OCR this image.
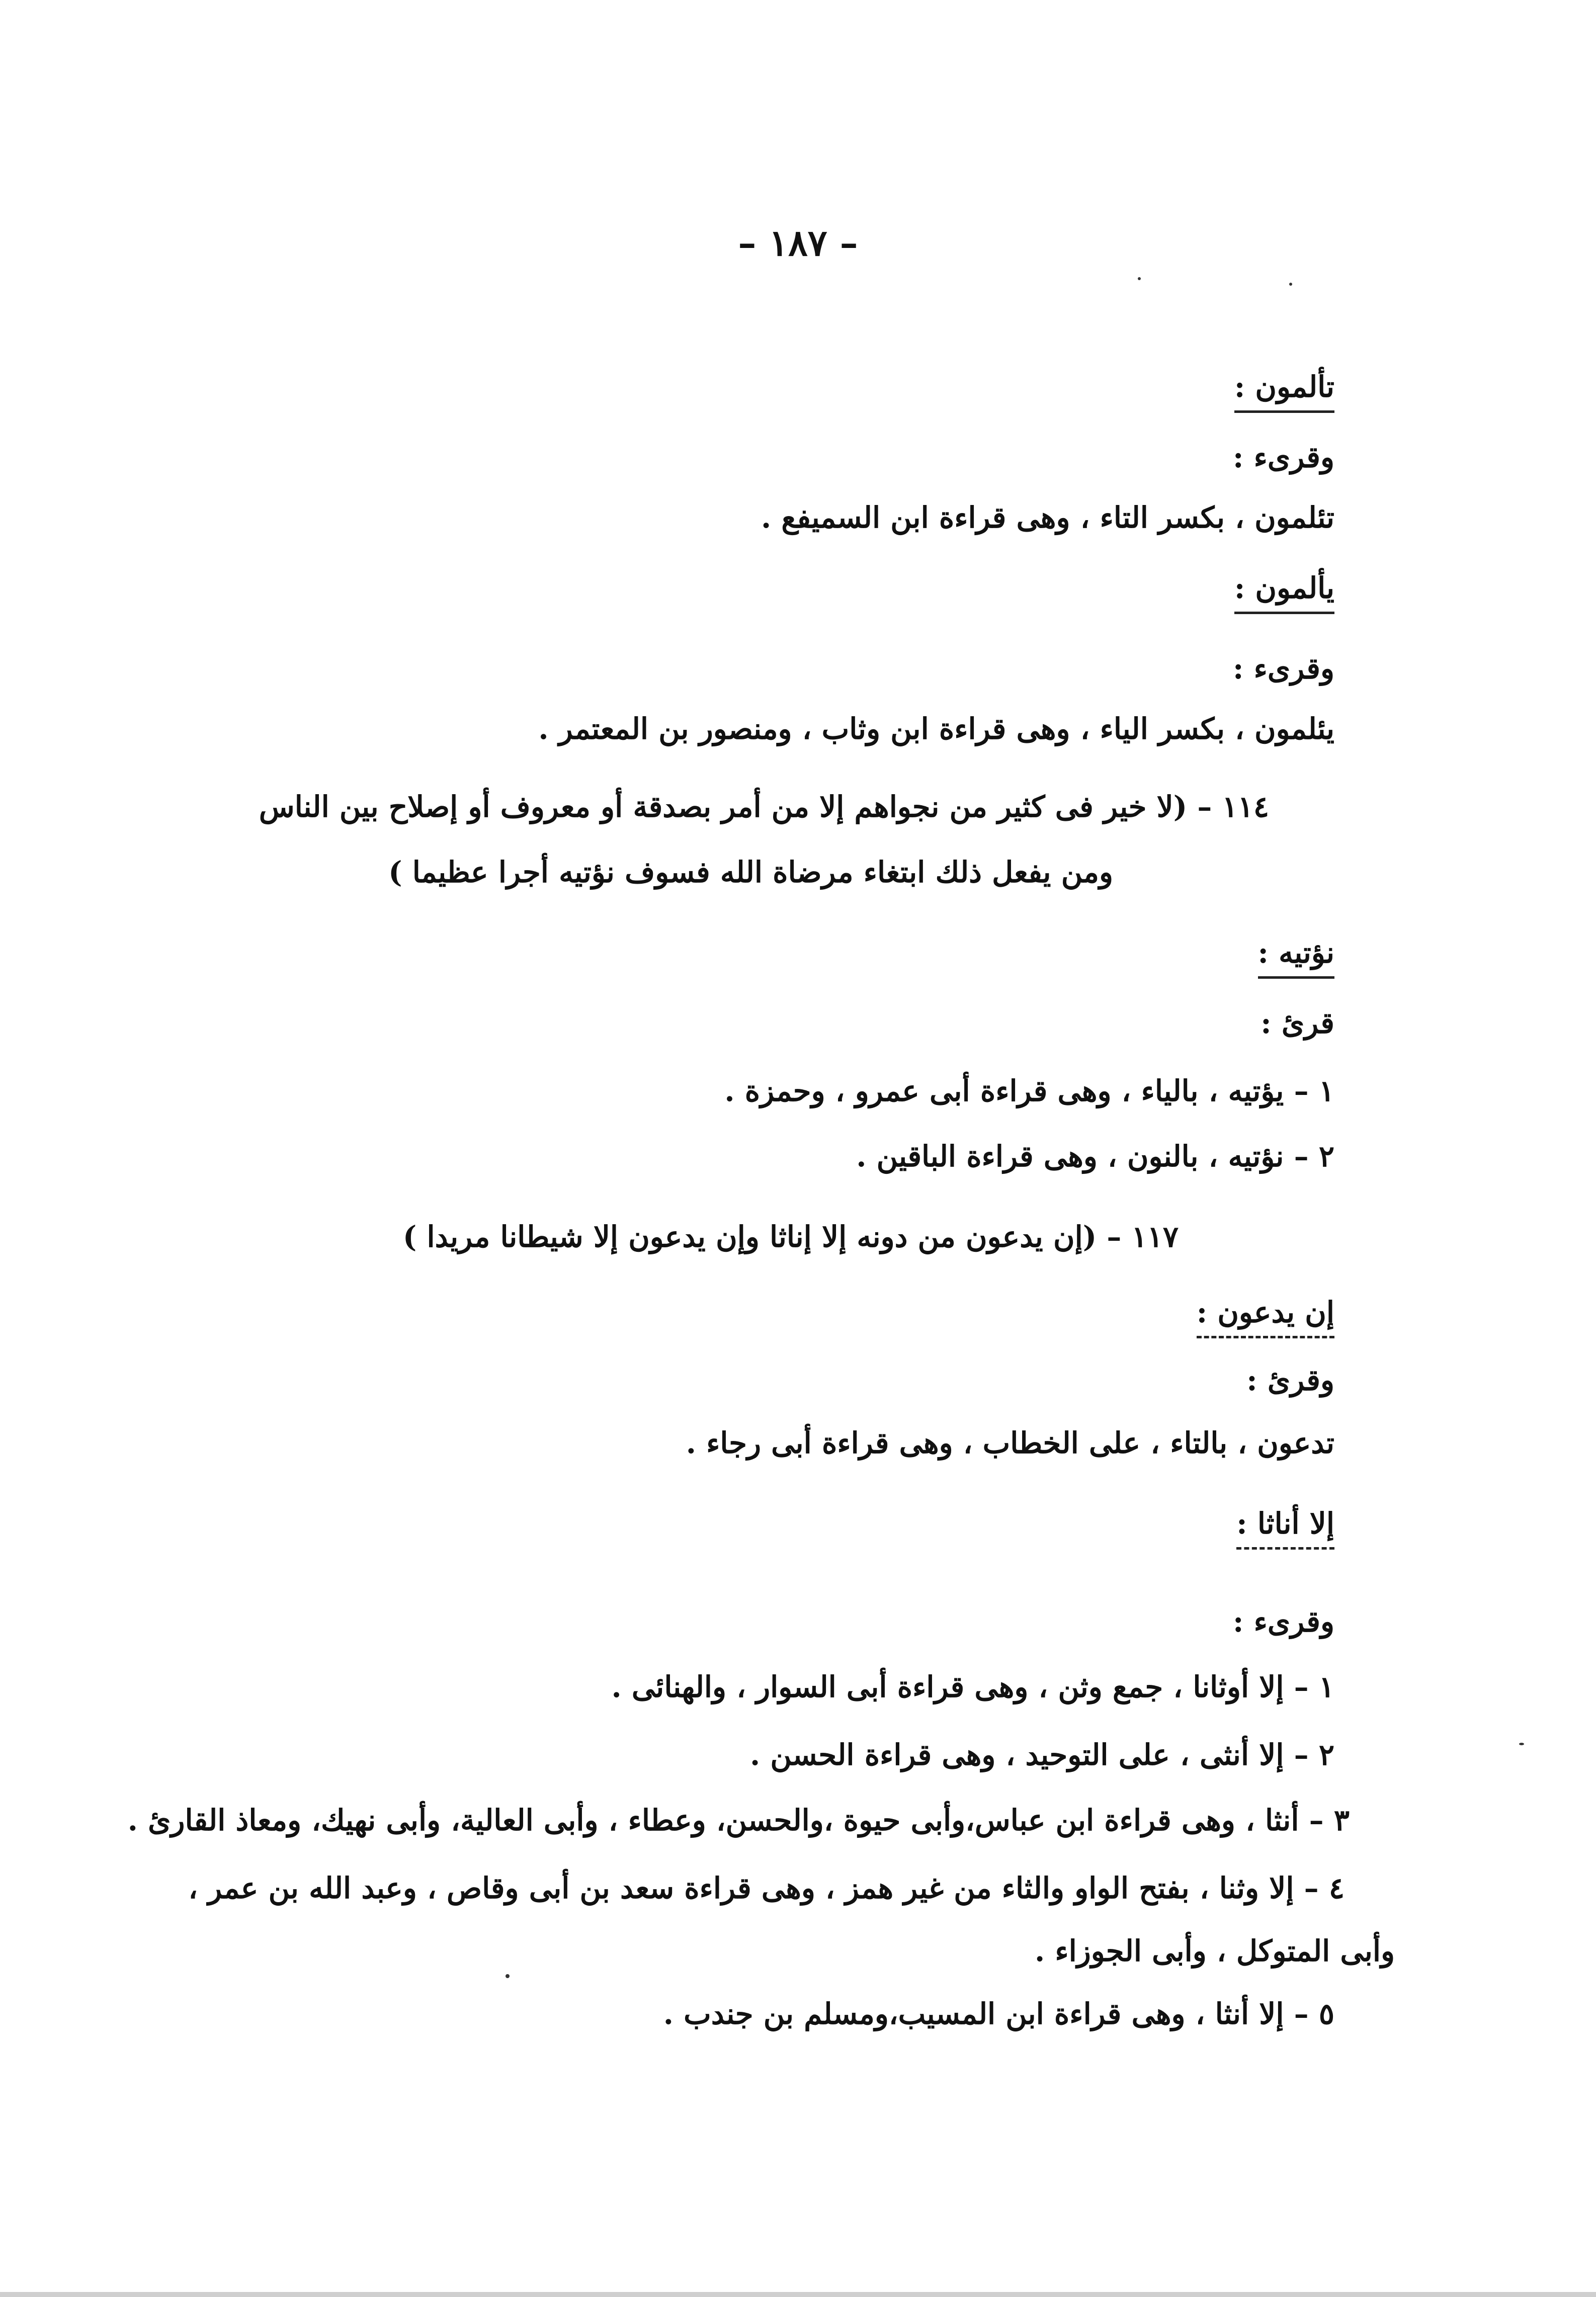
– ١٨٧ –
تألمون :
وقرىء :
تئلمون ، بكسر التاء ، وهى قراءة ابن السميفع .
يألمون :
وقرىء :
يئلمون ، بكسر الياء ، وهى قراءة ابن وثاب ، ومنصور بن المعتمر .
١١٤ – (لا خير فى كثير من نجواهم إلا من أمر بصدقة أو معروف أو إصلاح بين الناس
ومن يفعل ذلك ابتغاء مرضاة الله فسوف نؤتيه أجرا عظيما )
نؤتيه :
قرئ :
١ – يؤتيه ، بالياء ، وهى قراءة أبى عمرو ، وحمزة .
٢ – نؤتيه ، بالنون ، وهى قراءة الباقين .
١١٧ – (إن يدعون من دونه إلا إناثا وإن يدعون إلا شيطانا مريدا )
إن يدعون :
وقرئ :
تدعون ، بالتاء ، على الخطاب ، وهى قراءة أبى رجاء .
إلا أناثا :
وقرىء :
١ – إلا أوثانا ، جمع وثن ، وهى قراءة أبى السوار ، والهنائى .
٢ – إلا أنثى ، على التوحيد ، وهى قراءة الحسن .
٣ – أنثا ، وهى قراءة ابن عباس،وأبى حيوة ،والحسن، وعطاء ، وأبى العالية، وأبى نهيك، ومعاذ القارئ .
٤ – إلا وثنا ، بفتح الواو والثاء من غير همز ، وهى قراءة سعد بن أبى وقاص ، وعبد الله بن عمر ،
وأبى المتوكل ، وأبى الجوزاء .
٥ – إلا أنثا ، وهى قراءة ابن المسيب،ومسلم بن جندب .
